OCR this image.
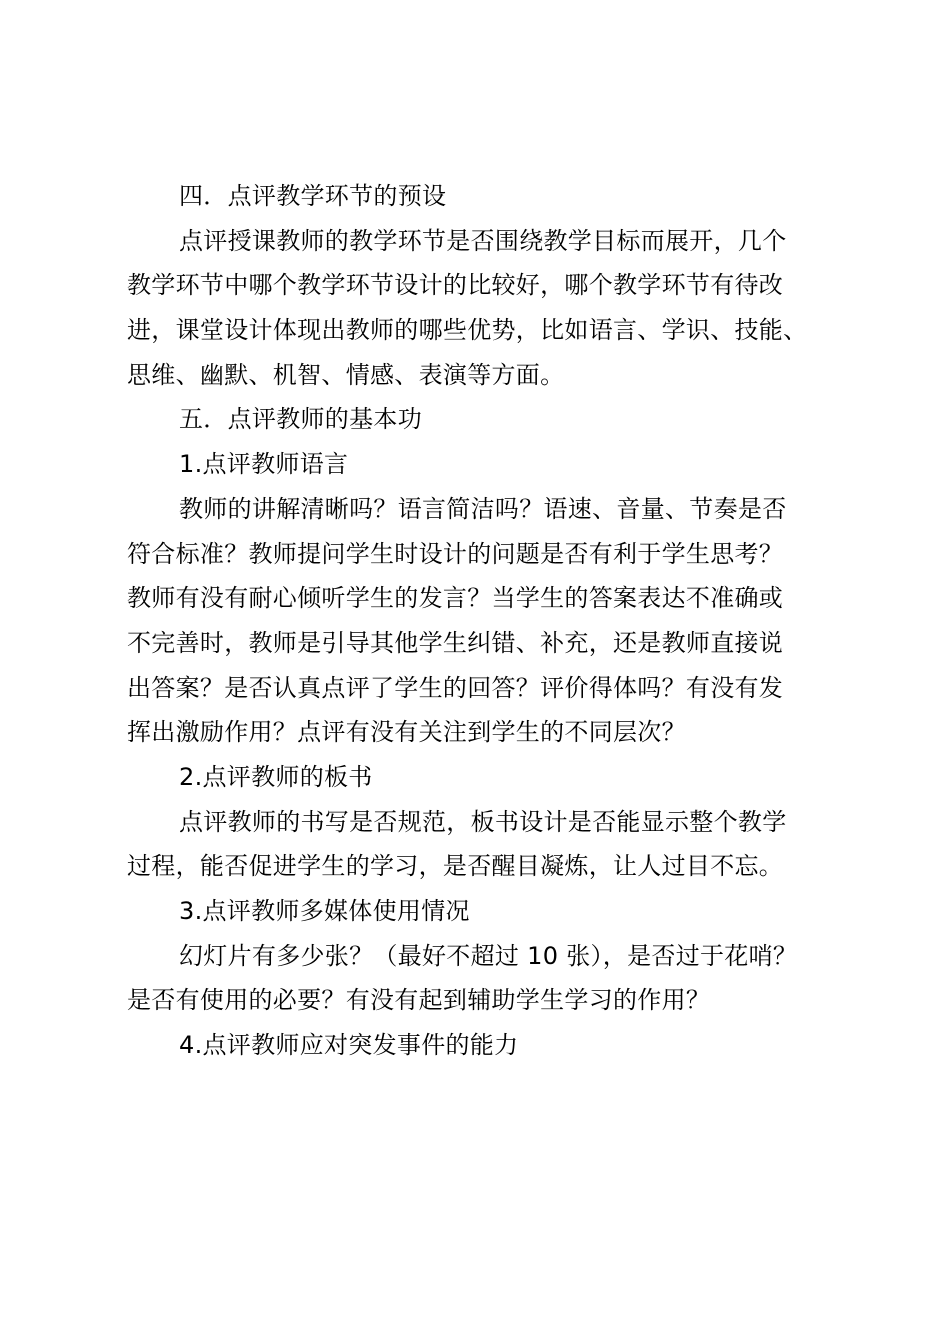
四．点评教学环节的预设
点评授课教师的教学环节是否围绕教学目标而展开，几个
教学环节中哪个教学环节设计的比较好，哪个教学环节有待改
进，课堂设计体现出教师的哪些优势，比如语言、学识、技能、
思维、幽默、机智、情感、表演等方面。
五．点评教师的基本功
1.点评教师语言
教师的讲解清晰吗？语言简洁吗？语速、音量、节奏是否
符合标准？教师提问学生时设计的问题是否有利于学生思考？
教师有没有耐心倾听学生的发言？当学生的答案表达不准确或
不完善时，教师是引导其他学生纠错、补充，还是教师直接说
出答案？是否认真点评了学生的回答？评价得体吗？有没有发
挥出激励作用？点评有没有关注到学生的不同层次？
2.点评教师的板书
点评教师的书写是否规范，板书设计是否能显示整个教学
过程，能否促进学生的学习，是否醒目凝炼，让人过目不忘。
3.点评教师多媒体使用情况
幻灯片有多少张？（最好不超过 10 张），是否过于花哨？
是否有使用的必要？有没有起到辅助学生学习的作用？
4.点评教师应对突发事件的能力
